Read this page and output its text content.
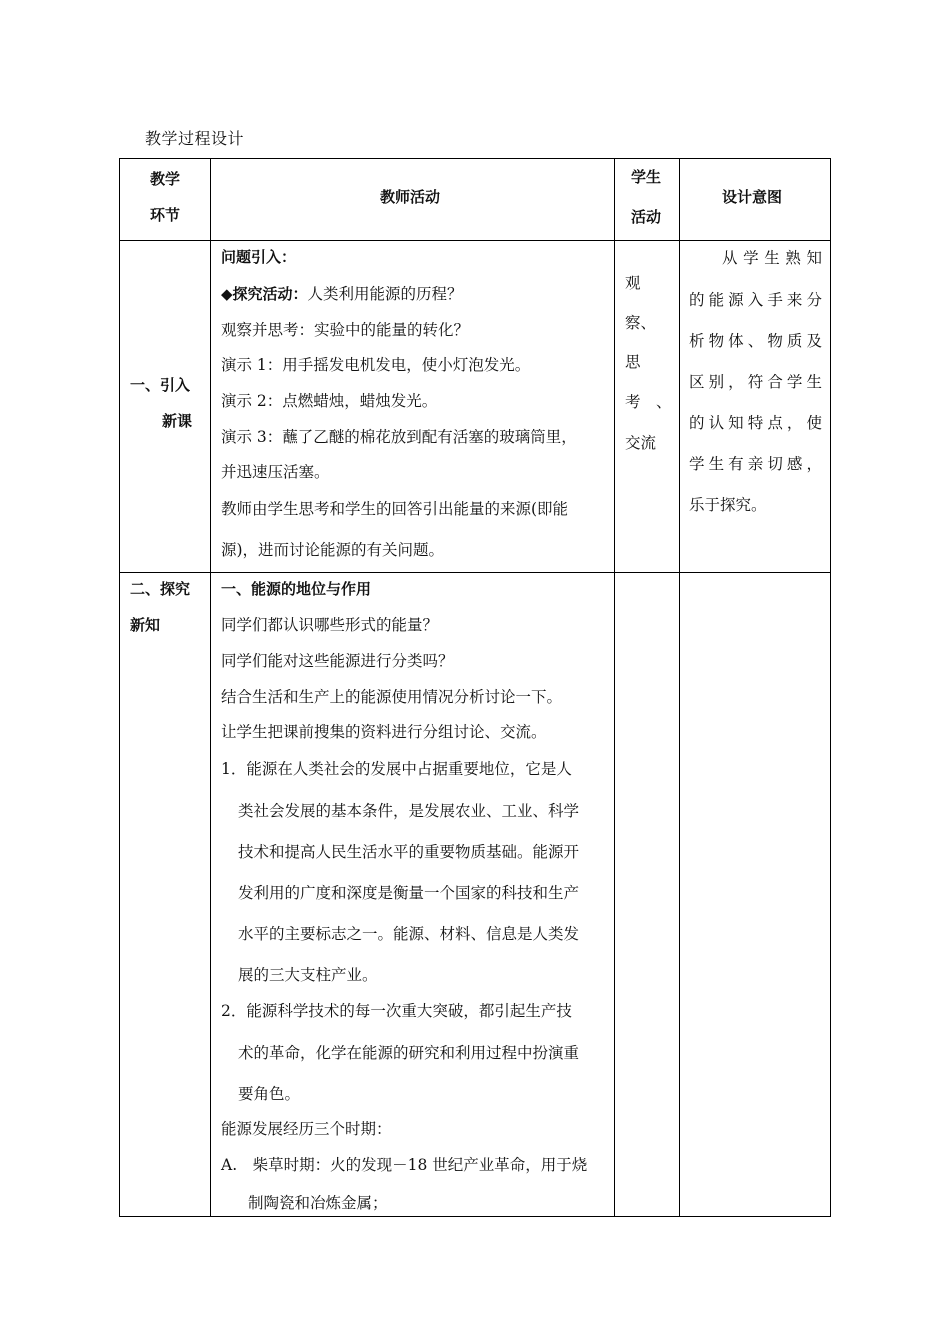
教学过程设计
教学
环节
教师活动
学生
活动
设计意图
一、引入
新课
问题引入：
◆探究活动：人类利用能源的历程？
观察并思考：实验中的能量的转化？
演示 1：用手摇发电机发电，使小灯泡发光。
演示 2：点燃蜡烛，蜡烛发光。
演示 3：蘸了乙醚的棉花放到配有活塞的玻璃筒里，
并迅速压活塞。
教师由学生思考和学生的回答引出能量的来源(即能
源)，进而讨论能源的有关问题。
观
察、
思
考　、
交流
从学生熟知
的能源入手来分
析物体、物质及
区别，符合学生
的认知特点，使
学生有亲切感，
乐于探究。
二、探究
新知
一、能源的地位与作用
同学们都认识哪些形式的能量？
同学们能对这些能源进行分类吗？
结合生活和生产上的能源使用情况分析讨论一下。
让学生把课前搜集的资料进行分组讨论、交流。
1．能源在人类社会的发展中占据重要地位，它是人
类社会发展的基本条件，是发展农业、工业、科学
技术和提高人民生活水平的重要物质基础。能源开
发利用的广度和深度是衡量一个国家的科技和生产
水平的主要标志之一。能源、材料、信息是人类发
展的三大支柱产业。
2．能源科学技术的每一次重大突破，都引起生产技
术的革命，化学在能源的研究和利用过程中扮演重
要角色。
能源发展经历三个时期：
A.　柴草时期：火的发现－18 世纪产业革命，用于烧
制陶瓷和冶炼金属；
